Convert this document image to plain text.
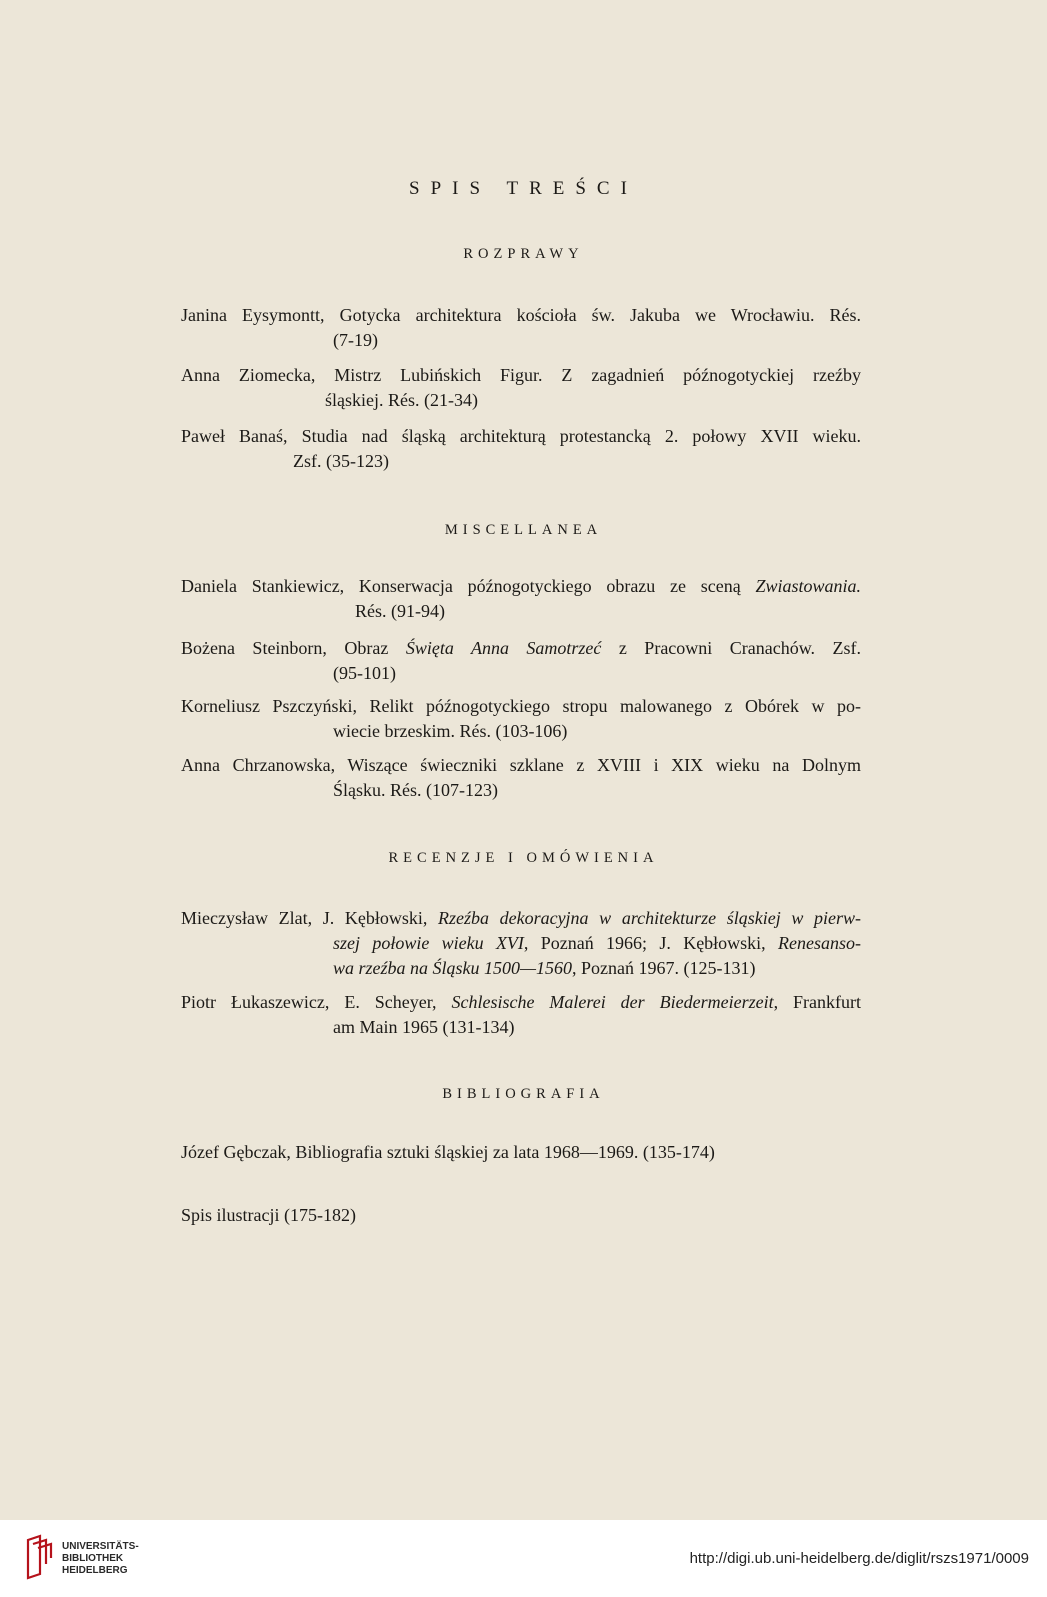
SPIS TREŚCI
ROZPRAWY
Janina Eysymontt, Gotycka architektura kościoła św. Jakuba we Wrocławiu. Rés.
(7-19)
Anna Ziomecka, Mistrz Lubińskich Figur. Z zagadnień późnogotyckiej rzeźby
śląskiej. Rés. (21-34)
Paweł Banaś, Studia nad śląską architekturą protestancką 2. połowy XVII wieku.
Zsf. (35-123)
MISCELLANEA
Daniela Stankiewicz, Konserwacja późnogotyckiego obrazu ze sceną Zwiastowania.
Rés. (91-94)
Bożena Steinborn, Obraz Święta Anna Samotrzeć z Pracowni Cranachów. Zsf.
(95-101)
Korneliusz Pszczyński, Relikt późnogotyckiego stropu malowanego z Obórek w po-
wiecie brzeskim. Rés. (103-106)
Anna Chrzanowska, Wiszące świeczniki szklane z XVIII i XIX wieku na Dolnym
Śląsku. Rés. (107-123)
RECENZJE I OMÓWIENIA
Mieczysław Zlat, J. Kębłowski, Rzeźba dekoracyjna w architekturze śląskiej w pierw-
szej połowie wieku XVI, Poznań 1966; J. Kębłowski, Renesanso-
wa rzeźba na Śląsku 1500—1560, Poznań 1967. (125-131)
Piotr Łukaszewicz, E. Scheyer, Schlesische Malerei der Biedermeierzeit, Frankfurt
am Main 1965 (131-134)
BIBLIOGRAFIA
Józef Gębczak, Bibliografia sztuki śląskiej za lata 1968—1969. (135-174)
Spis ilustracji (175-182)
UNIVERSITÄTS-
BIBLIOTHEK
HEIDELBERG
http://digi.ub.uni-heidelberg.de/diglit/rszs1971/0009
